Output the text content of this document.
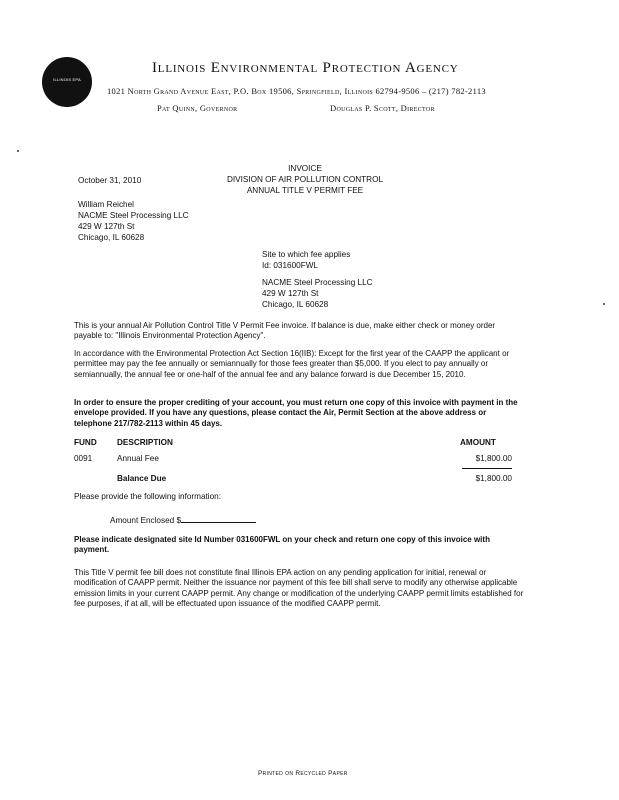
ILLINOIS EPA
Illinois Environmental Protection Agency
1021 North Grand Avenue East, P.O. Box 19506, Springfield, Illinois 62794-9506 – (217) 782-2113
Pat Quinn, Governor	Douglas P. Scott, Director
October 31, 2010
INVOICE
DIVISION OF AIR POLLUTION CONTROL
ANNUAL TITLE V PERMIT FEE
William Reichel
NACME Steel Processing LLC
429 W 127th St
Chicago, IL 60628
Site to which fee applies
Id: 031600FWL
NACME Steel Processing LLC
429 W 127th St
Chicago, IL 60628
This is your annual Air Pollution Control Title V Permit Fee invoice. If balance is due, make either check or money order payable to: "Illinois Environmental Protection Agency".
In accordance with the Environmental Protection Act Section 16(IIB): Except for the first year of the CAAPP the applicant or permittee may pay the fee annually or semiannually for those fees greater than $5,000. If you elect to pay annually or semiannually, the annual fee or one-half of the annual fee and any balance forward is due December 15, 2010.
In order to ensure the proper crediting of your account, you must return one copy of this invoice with payment in the envelope provided. If you have any questions, please contact the Air, Permit Section at the above address or telephone 217/782-2113 within 45 days.
FUND DESCRIPTION	AMOUNT
0091	Annual Fee	$1,800.00
Balance Due	$1,800.00
Please provide the following information:
Amount Enclosed $
Please indicate designated site Id Number 031600FWL on your check and return one copy of this invoice with payment.
This Title V permit fee bill does not constitute final Illinois EPA action on any pending application for initial, renewal or modification of CAAPP permit. Neither the issuance nor payment of this fee bill shall serve to modify any otherwise applicable emission limits in your current CAAPP permit. Any change or modification of the underlying CAAPP permit limits established for fee purposes, if at all, will be effectuated upon issuance of the modified CAAPP permit.
Printed on Recycled Paper
